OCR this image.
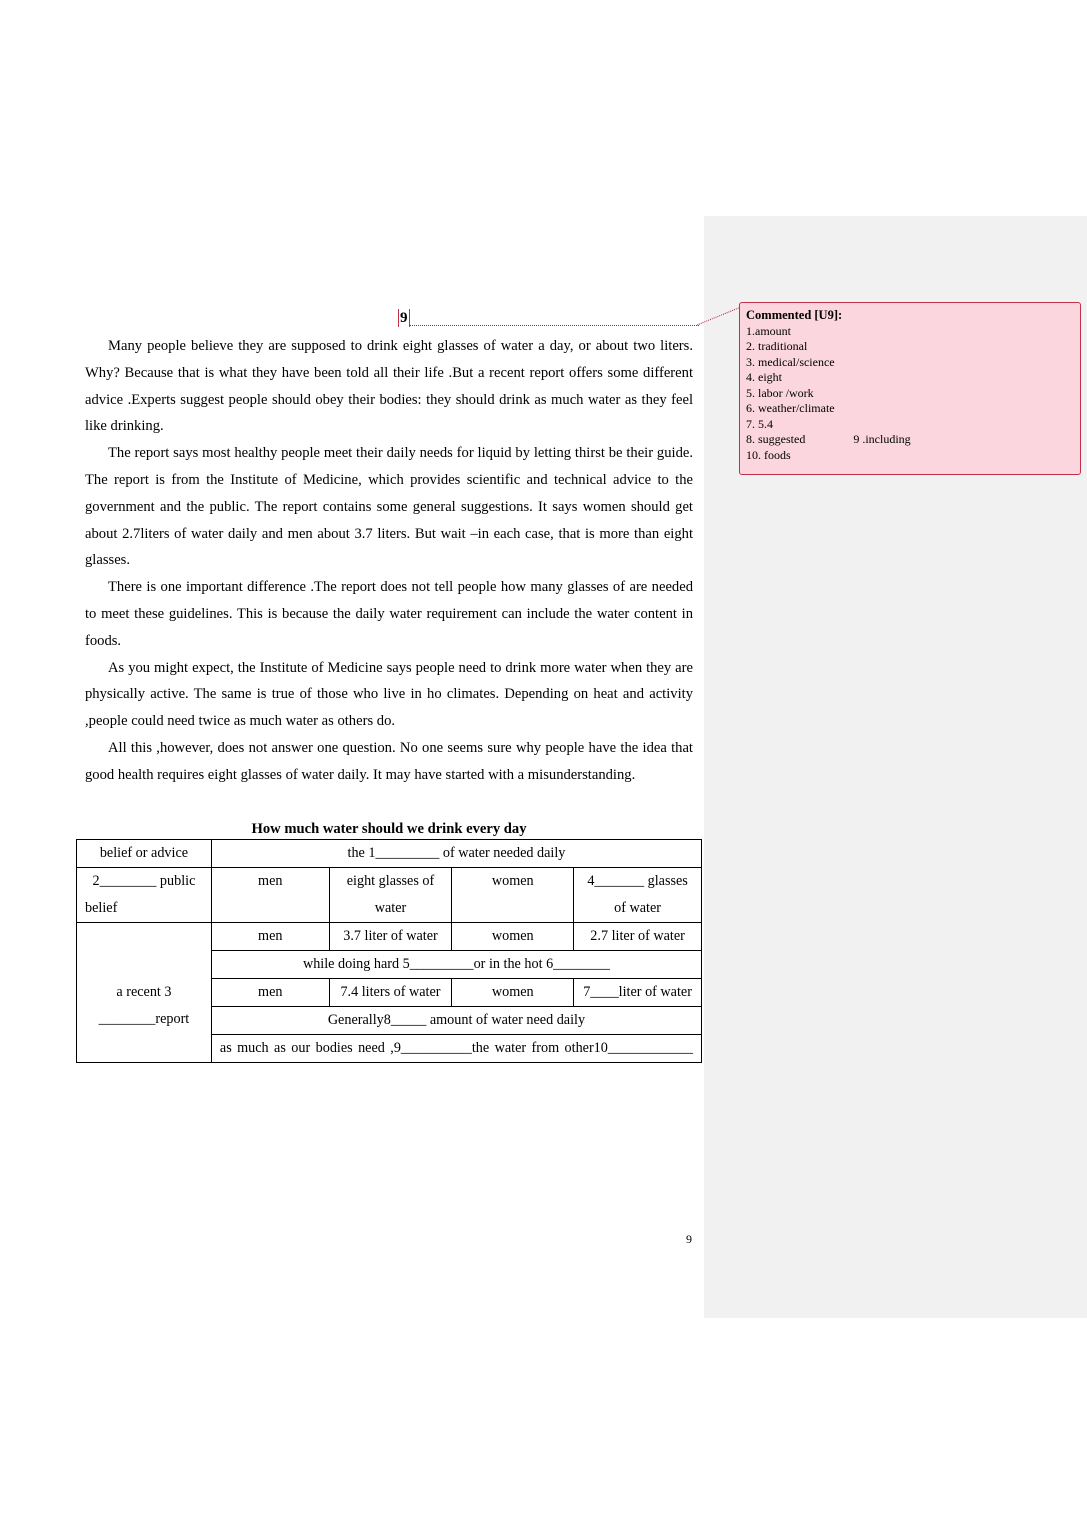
9	Commented [U9]:
1.amount
2. traditional
3. medical/science
4. eight
5. labor /work
6. weather/climate
7. 5.4
8. suggested                9 .including
10. foods

Many people believe they are supposed to drink eight glasses of water a day, or about two liters. Why? Because that is what they have been told all their life .But a recent report offers some different advice .Experts suggest people should obey their bodies: they should drink as much water as they feel like drinking.

The report says most healthy people meet their daily needs for liquid by letting thirst be their guide. The report is from the Institute of Medicine, which provides scientific and technical advice to the government and the public. The report contains some general suggestions. It says women should get about 2.7liters of water daily and men about 3.7 liters. But wait –in each case, that is more than eight glasses.

There is one important difference .The report does not tell people how many glasses of are needed to meet these guidelines. This is because the daily water requirement can include the water content in foods.

As you might expect, the Institute of Medicine says people need to drink more water when they are physically active. The same is true of those who live in ho climates. Depending on heat and activity ,people could need twice as much water as others do.

All this ,however, does not answer one question. No one seems sure why people have the idea that good health requires eight glasses of water daily. It may have started with a misunderstanding.

How much water should we drink every day
belief or advice	the 1_________ of water needed daily			
2________ public belief	men	eight glasses of water	women	4_______ glasses of water
a recent 3 ________report	men	3.7 liter of water	women	2.7 liter of water
	while doing hard 5_________or in the hot 6________			
	men	7.4 liters of water	women	7____liter of water
	Generally8_____ amount of water need daily			
	as much as our bodies need ,9__________the water from other10____________			
9
